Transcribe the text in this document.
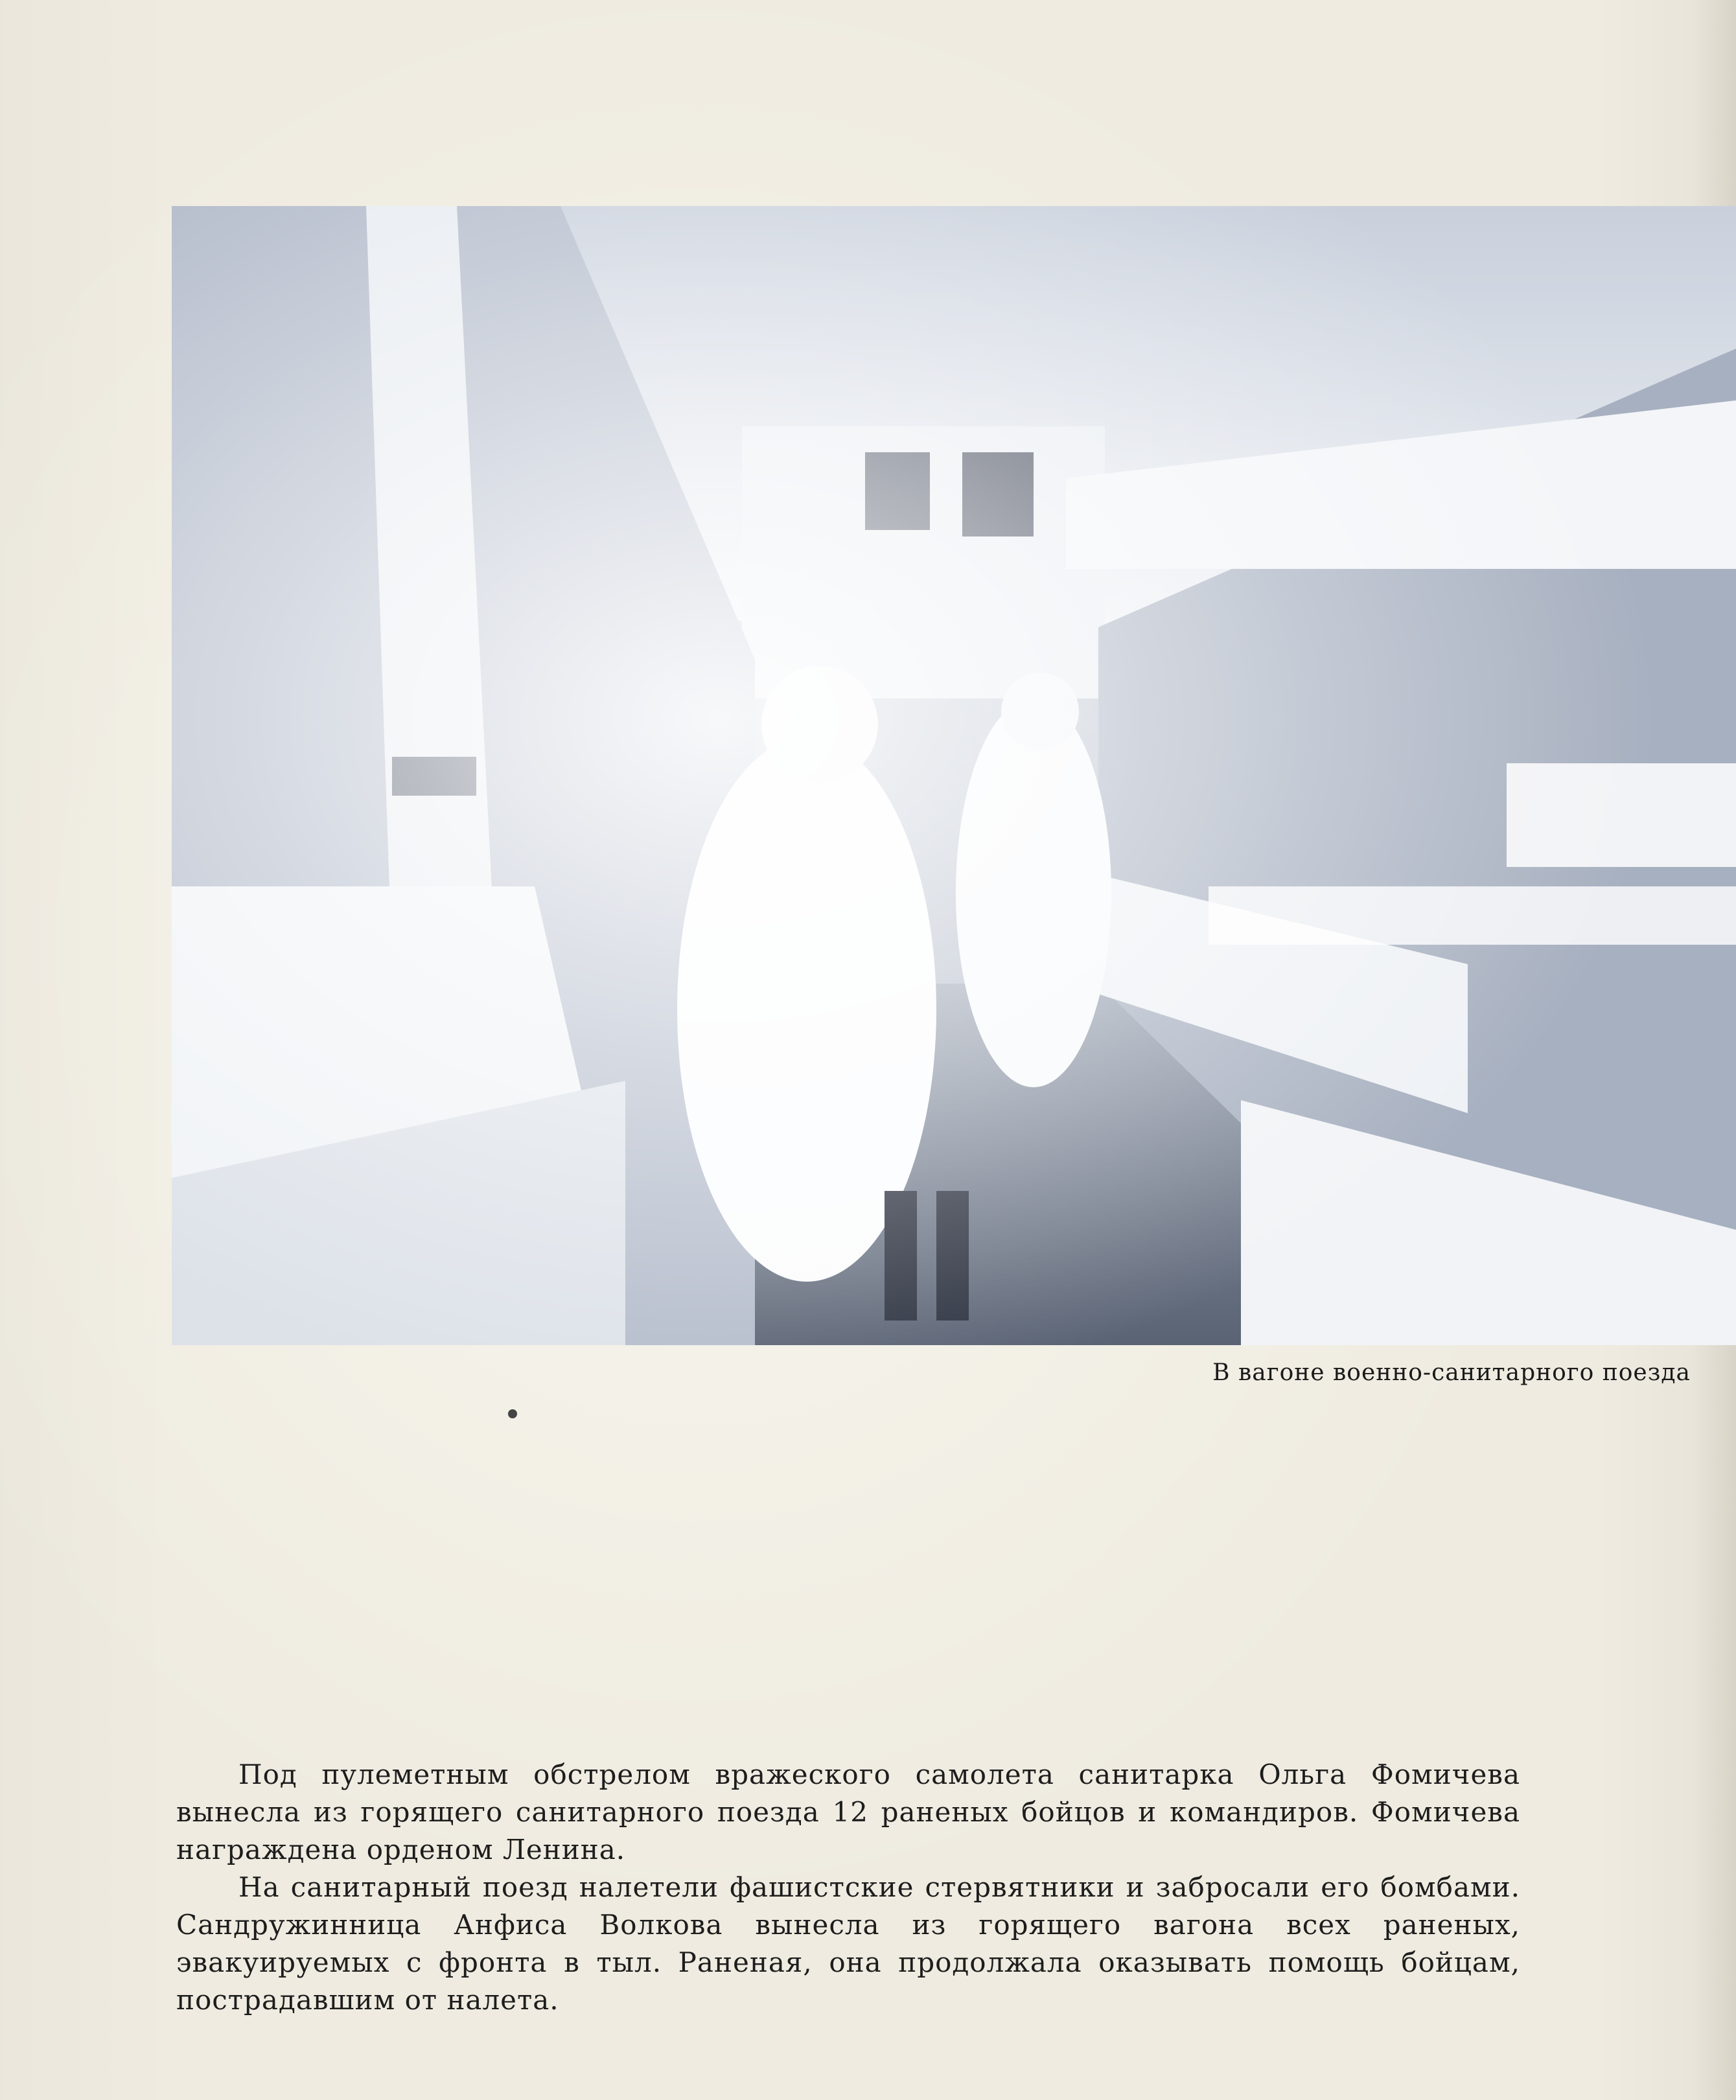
В вагоне военно-санитарного поезда

Под пулеметным обстрелом вражеского самолета санитарка Ольга Фомичева вынесла из горящего санитарного поезда 12 раненых бойцов и командиров. Фомичева награждена орденом Ленина.

На санитарный поезд налетели фашистские стервятники и забросали его бомбами. Сандружинница Анфиса Волкова вынесла из горящего вагона всех раненых, эвакуируемых с фронта в тыл. Раненая, она продолжала оказывать помощь бойцам, пострадавшим от налета.
